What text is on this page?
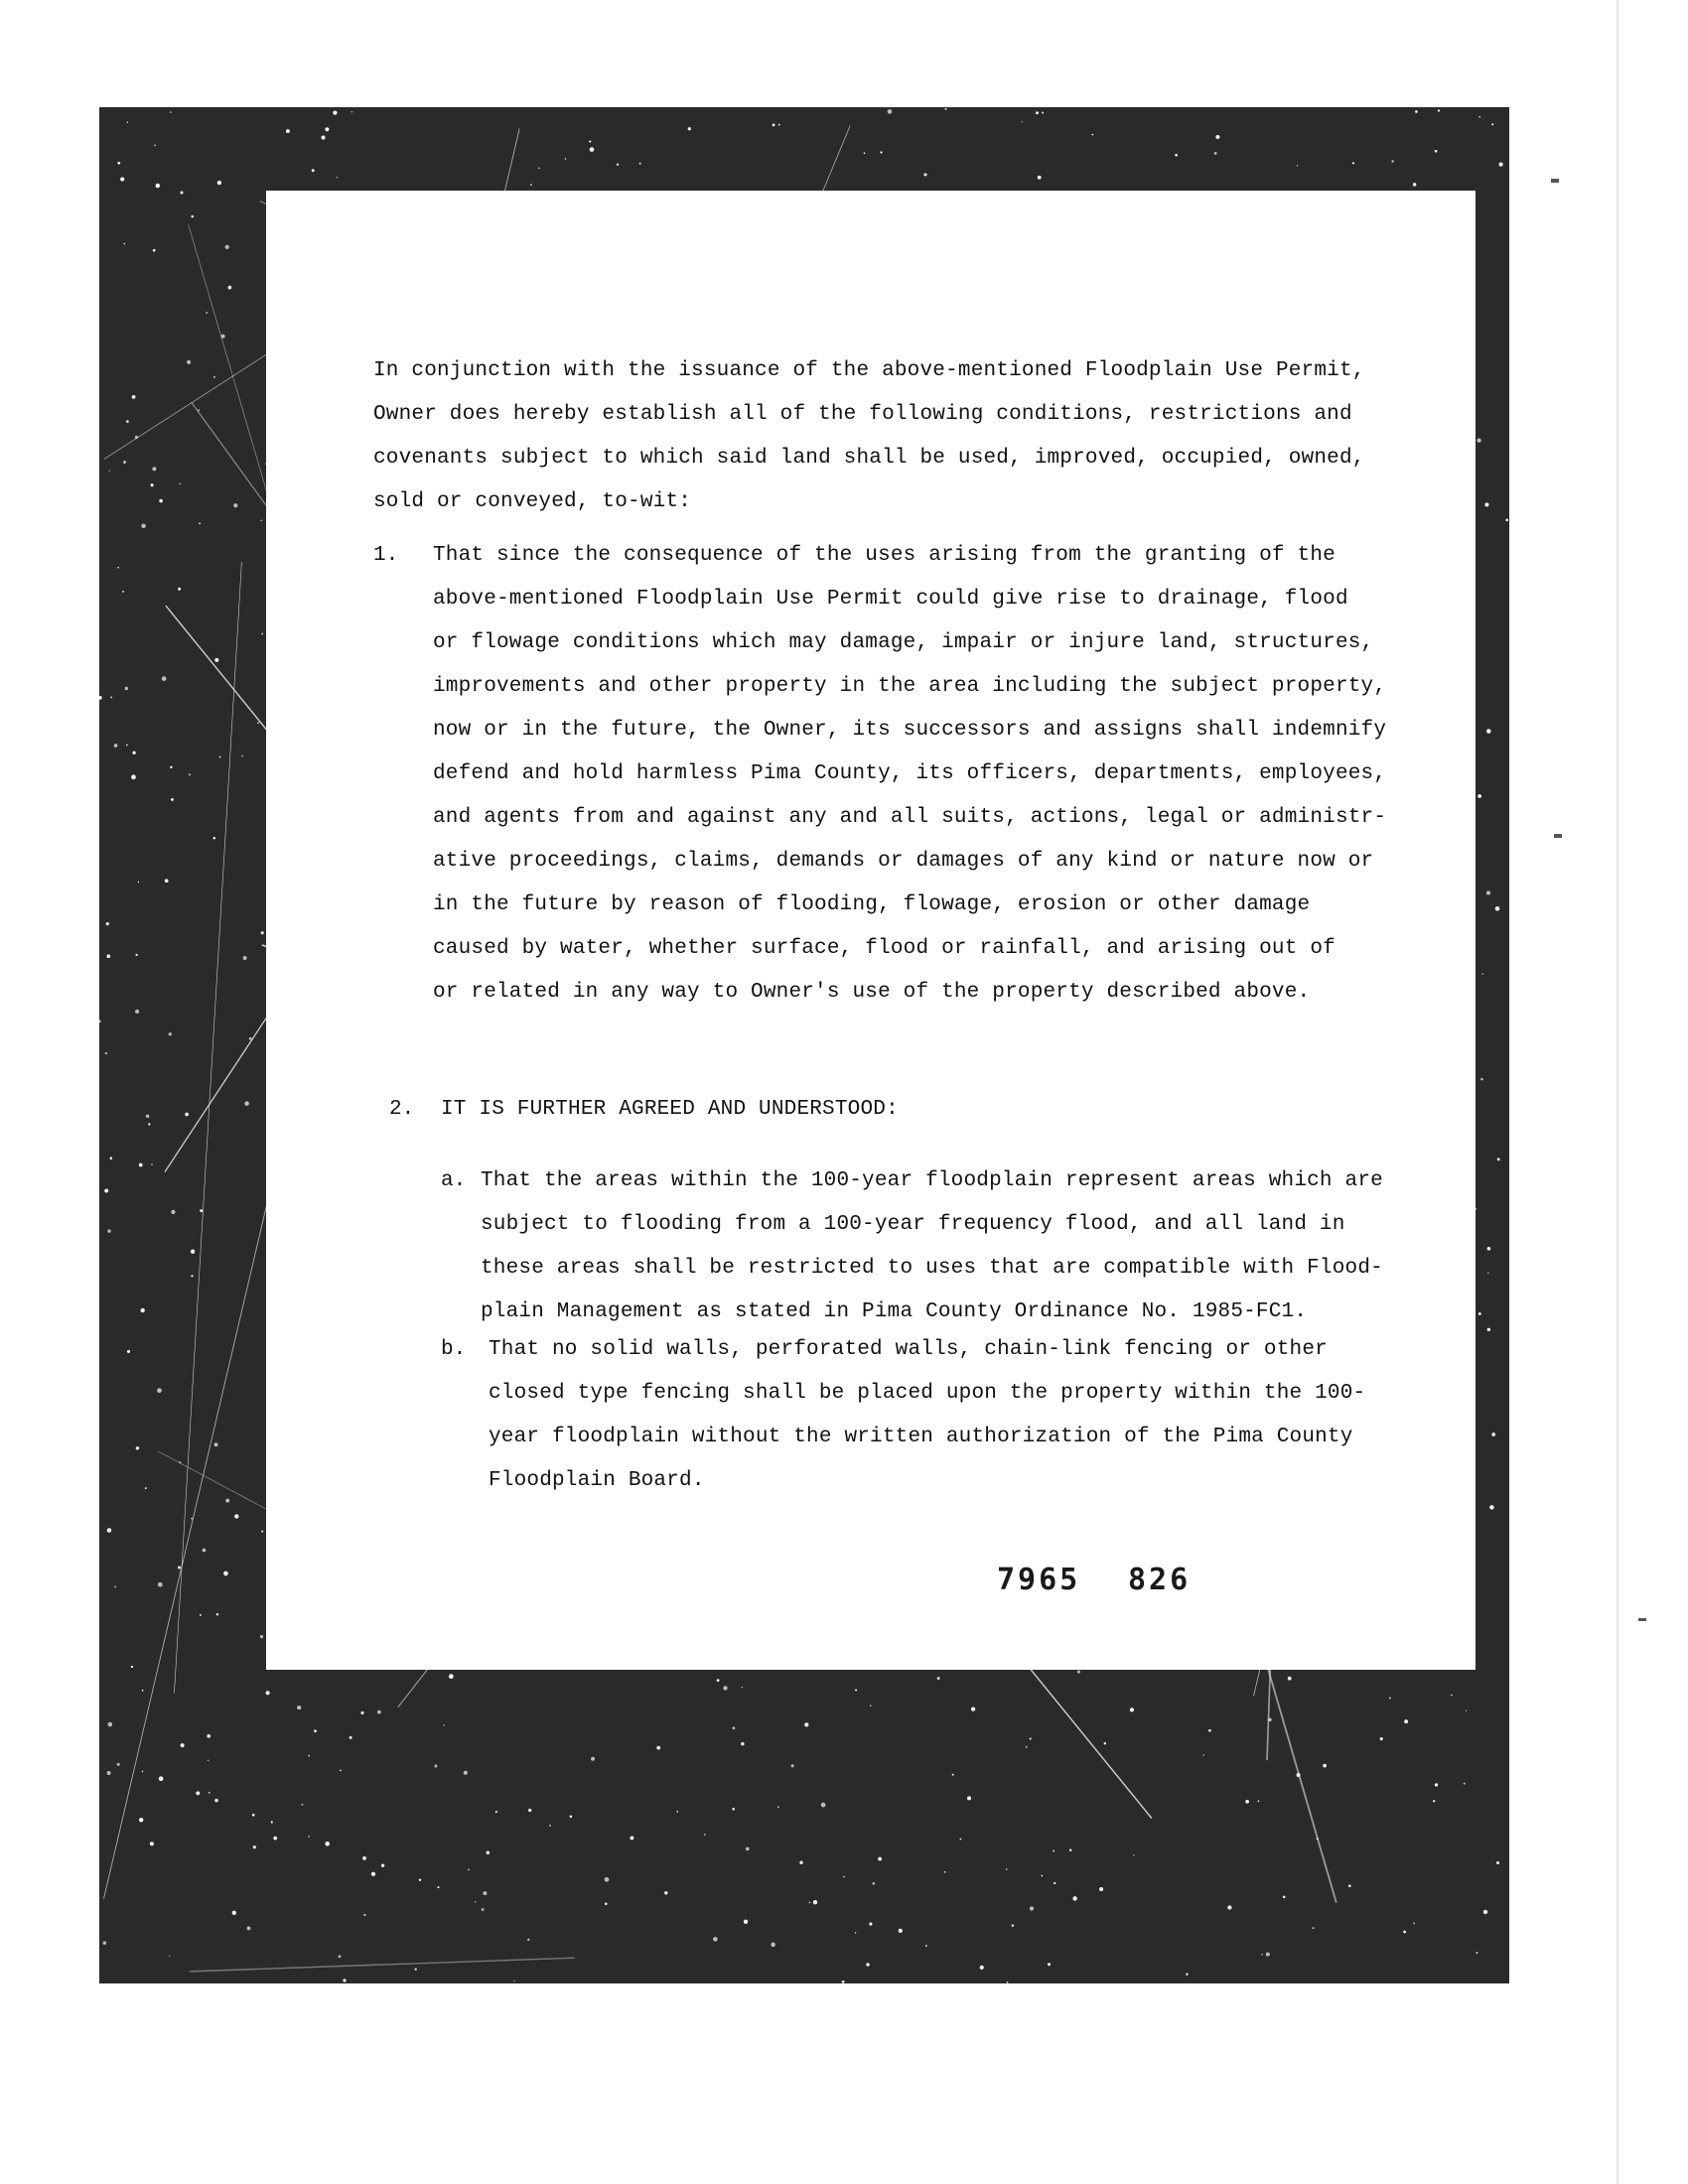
In conjunction with the issuance of the above-mentioned Floodplain Use Permit,
Owner does hereby establish all of the following conditions, restrictions and
covenants subject to which said land shall be used, improved, occupied, owned,
sold or conveyed, to-wit:
1. That since the consequence of the uses arising from the granting of the
above-mentioned Floodplain Use Permit could give rise to drainage, flood
or flowage conditions which may damage, impair or injure land, structures,
improvements and other property in the area including the subject property,
now or in the future, the Owner, its successors and assigns shall indemnify
defend and hold harmless Pima County, its officers, departments, employees,
and agents from and against any and all suits, actions, legal or administr-
ative proceedings, claims, demands or damages of any kind or nature now or
in the future by reason of flooding, flowage, erosion or other damage
caused by water, whether surface, flood or rainfall, and arising out of
or related in any way to Owner's use of the property described above.
2. IT IS FURTHER AGREED AND UNDERSTOOD:
a. That the areas within the 100-year floodplain represent areas which are
subject to flooding from a 100-year frequency flood, and all land in
these areas shall be restricted to uses that are compatible with Flood-
plain Management as stated in Pima County Ordinance No. 1985-FC1.
b. That no solid walls, perforated walls, chain-link fencing or other
closed type fencing shall be placed upon the property within the 100-
year floodplain without the written authorization of the Pima County
Floodplain Board.
7965 826
